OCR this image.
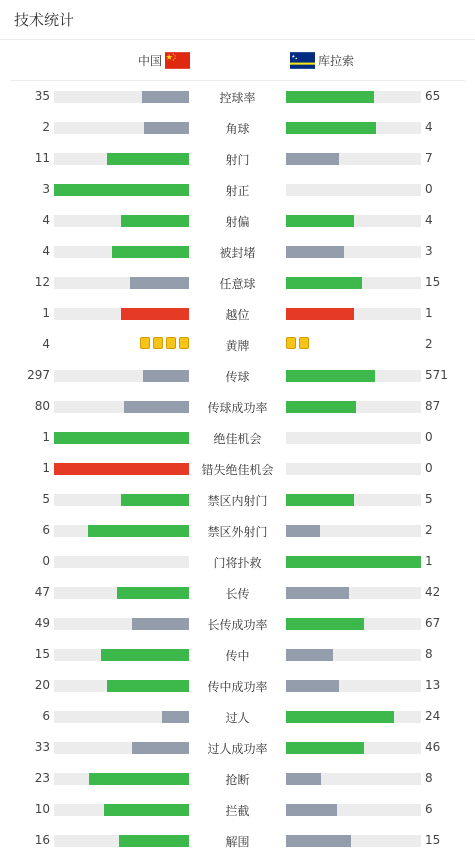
技术统计
中国	库拉索
35	控球率	65
2	角球	4
11	射门	7
3	射正	0
4	射偏	4
4	被封堵	3
12	任意球	15
1	越位	1
4	黄牌	2
297	传球	571
80	传球成功率	87
1	绝佳机会	0
1	错失绝佳机会	0
5	禁区内射门	5
6	禁区外射门	2
0	门将扑救	1
47	长传	42
49	长传成功率	67
15	传中	8
20	传中成功率	13
6	过人	24
33	过人成功率	46
23	抢断	8
10	拦截	6
16	解围	15
